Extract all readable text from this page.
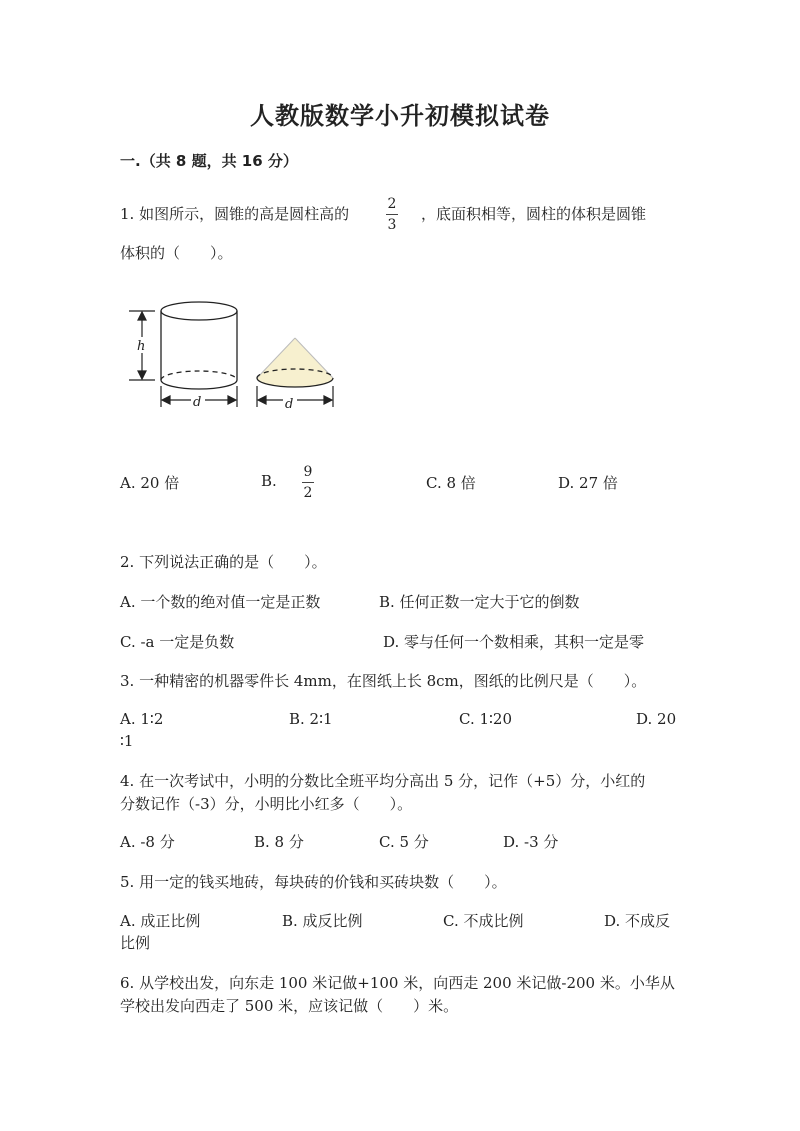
人教版数学小升初模拟试卷
一.（共 8 题，共 16 分）
1. 如图所示，圆锥的高是圆柱高的
2
3
，底面积相等，圆柱的体积是圆锥
体积的（　　）。
h
d	d
A. 20 倍	B. 9
2
C. 8 倍	D. 27 倍
2. 下列说法正确的是（　　）。
A. 一个数的绝对值一定是正数	B. 任何正数一定大于它的倒数
C. -a 一定是负数	D. 零与任何一个数相乘，其积一定是零
3. 一种精密的机器零件长 4mm，在图纸上长 8cm，图纸的比例尺是（　　）。
A. 1∶2	B. 2∶1	C. 1∶20	D. 20
∶1
4. 在一次考试中，小明的分数比全班平均分高出 5 分，记作（+5）分，小红的
分数记作（-3）分，小明比小红多（　　）。
A. -8 分	B. 8 分	C. 5 分	D. -3 分
5. 用一定的钱买地砖，每块砖的价钱和买砖块数（　　）。
A. 成正比例	B. 成反比例	C. 不成比例	D. 不成反
比例
6. 从学校出发，向东走 100 米记做+100 米，向西走 200 米记做-200 米。小华从
学校出发向西走了 500 米，应该记做（　　）米。
